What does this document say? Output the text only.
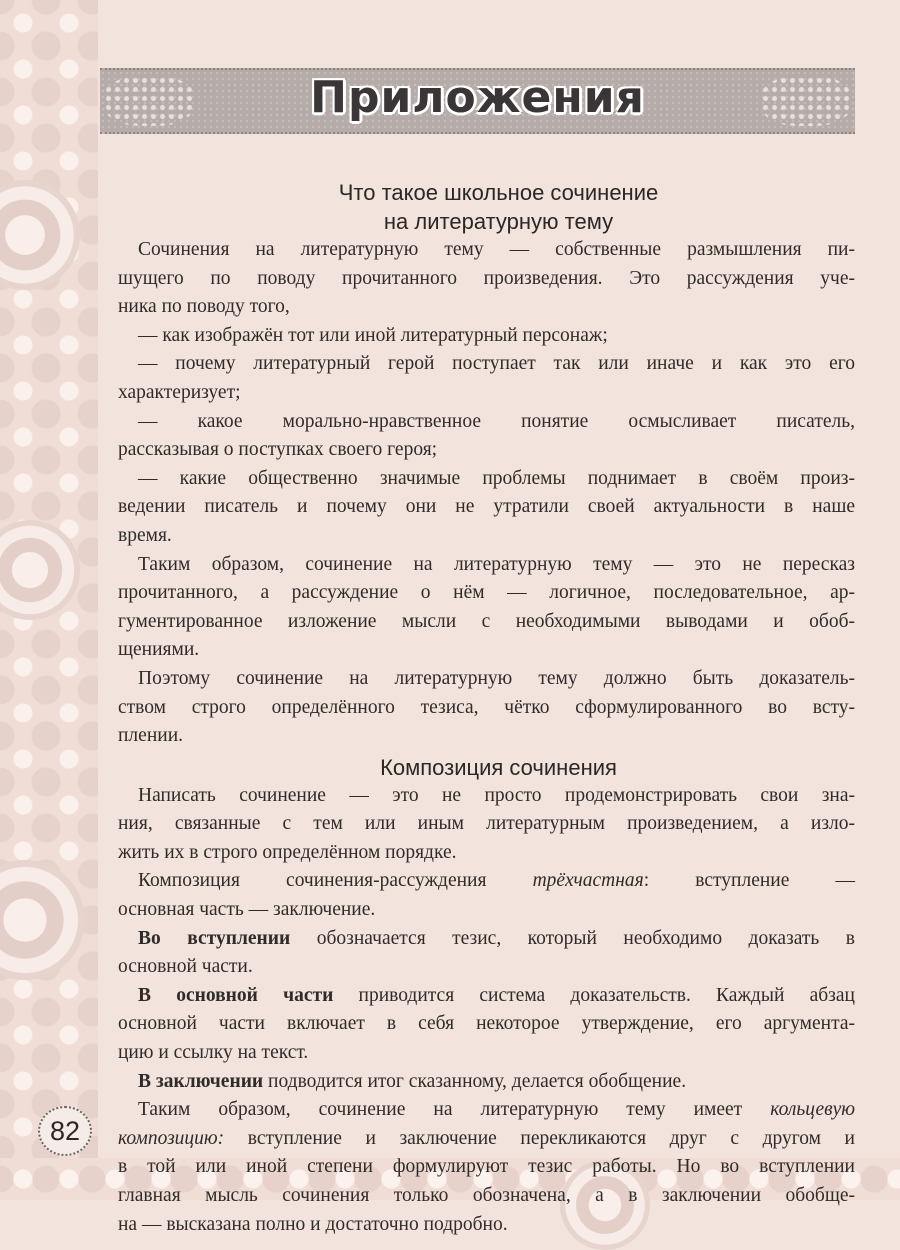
Приложения
Что такое школьное сочинение
на литературную тему

Сочинения на литературную тему — собственные размышления пи-
шущего по поводу прочитанного произведения. Это рассуждения уче-
ника по поводу того,

— как изображён тот или иной литературный персонаж;

— почему литературный герой поступает так или иначе и как это его
характеризует;

— какое морально-нравственное понятие осмысливает писатель,
рассказывая о поступках своего героя;

— какие общественно значимые проблемы поднимает в своём произ-
ведении писатель и почему они не утратили своей актуальности в наше
время.

Таким образом, сочинение на литературную тему — это не пересказ
прочитанного, а рассуждение о нём — логичное, последовательное, ар-
гументированное изложение мысли с необходимыми выводами и обоб-
щениями.

Поэтому сочинение на литературную тему должно быть доказатель-
ством строго определённого тезиса, чётко сформулированного во всту-
плении.

Композиция сочинения

Написать сочинение — это не просто продемонстрировать свои зна-
ния, связанные с тем или иным литературным произведением, а изло-
жить их в строго определённом порядке.

Композиция сочинения-рассуждения трёхчастная: вступление —
основная часть — заключение.

Во вступлении обозначается тезис, который необходимо доказать в
основной части.

В основной части приводится система доказательств. Каждый абзац
основной части включает в себя некоторое утверждение, его аргумента-
цию и ссылку на текст.

В заключении подводится итог сказанному, делается обобщение.

Таким образом, сочинение на литературную тему имеет кольцевую
композицию: вступление и заключение перекликаются друг с другом и
в той или иной степени формулируют тезис работы. Но во вступлении
главная мысль сочинения только обозначена, а в заключении обобще-
на — высказана полно и достаточно подробно.

82
